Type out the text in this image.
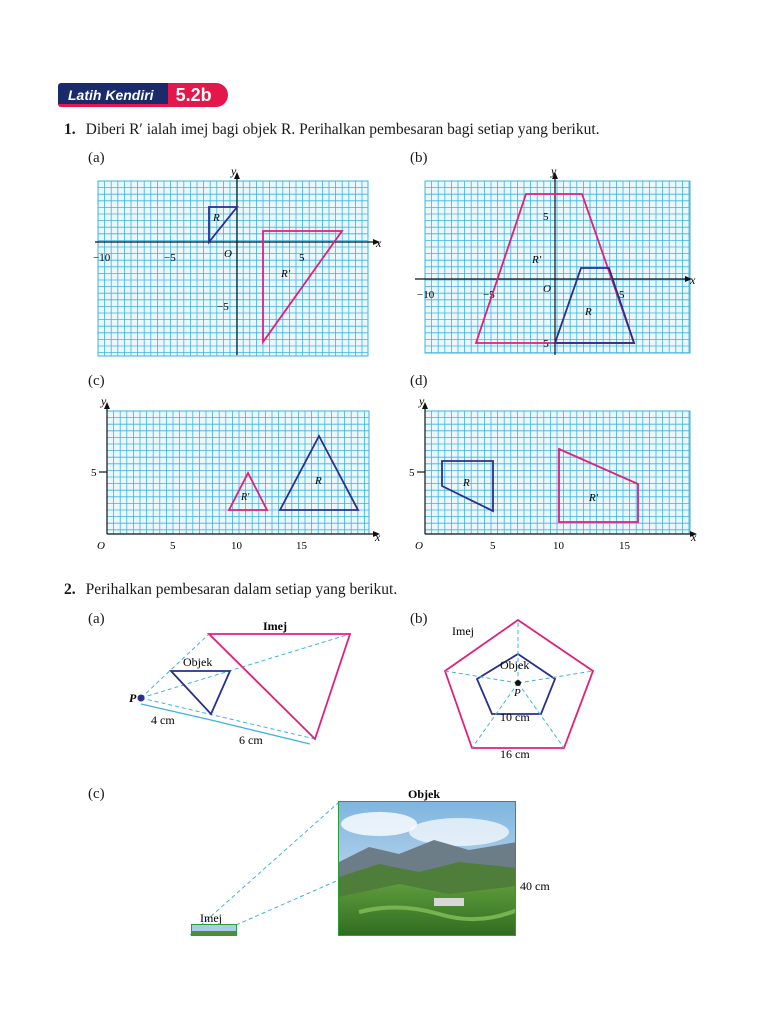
Latih Kendiri	5.2b
1. Diberi R′ ialah imej bagi objek R. Perihalkan pembesaran bagi setiap yang berikut.
(a)	(b)
(c)	(d)
x
y
O
−10	−5	5
−5
R
R′	x
y
O
−10	−5	5
5
−5
R′
R
x
y
O	5	10	15
5
R′
R
x
y
O	5	10	15
5
R
R′
2. Perihalkan pembesaran dalam setiap yang berikut.
(a)	(b)
(c)
P
Imej
Objek
4 cm
6 cm
P
Imej
Objek
10 cm
16 cm
Objek
Imej
40 cm
